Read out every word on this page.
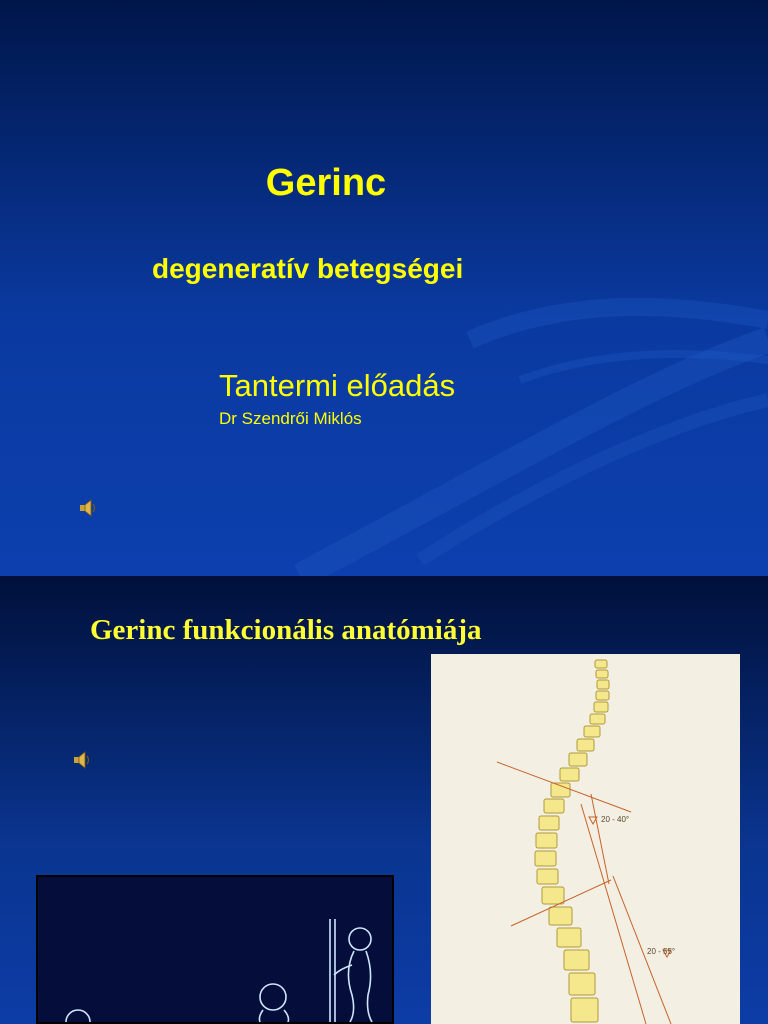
Gerinc
degeneratív betegségei
Tantermi előadás
Dr Szendrői Miklós
Gerinc funkcionális anatómiája
20 - 40°
20 - 55°
